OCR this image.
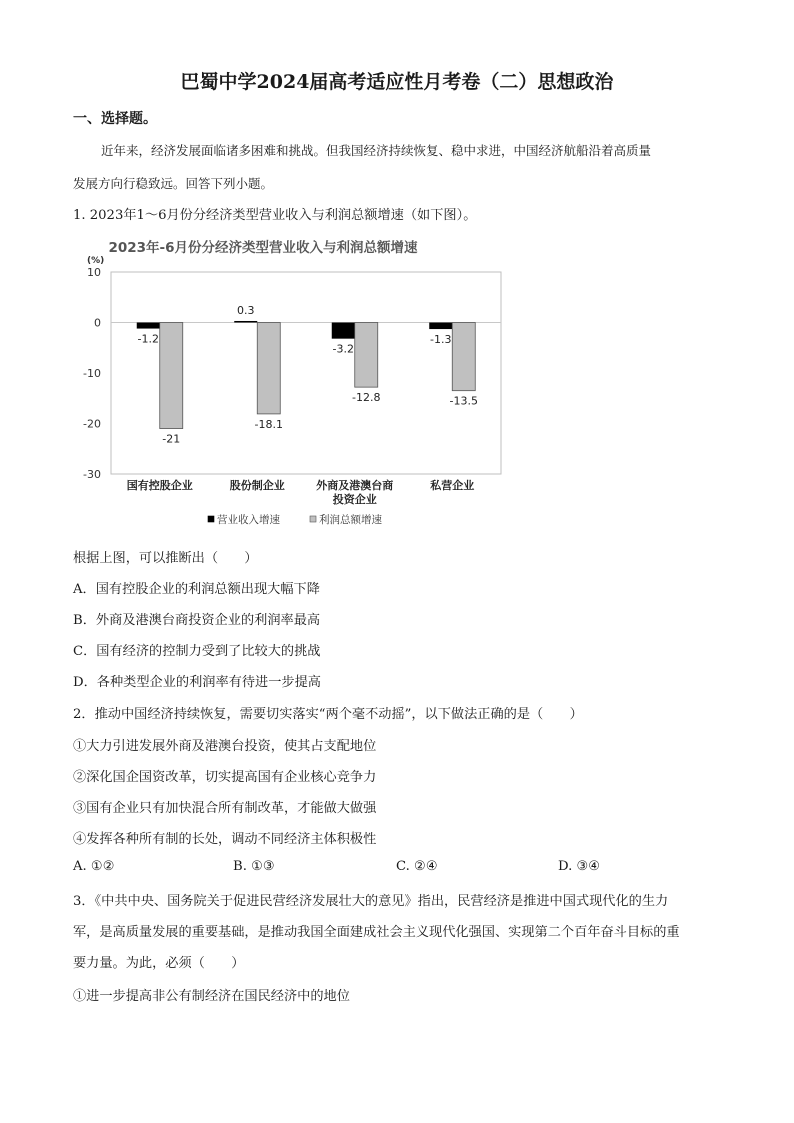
巴蜀中学2024届高考适应性月考卷（二）思想政治
一、选择题。
近年来，经济发展面临诸多困难和挑战。但我国经济持续恢复、稳中求进，中国经济航船沿着高质量
发展方向行稳致远。回答下列小题。
1. 2023年1～6月份分经济类型营业收入与利润总额增速（如下图）。
2023年-6月份分经济类型营业收入与利润总额增速
(%)
10
0
-10
-20
-30
-1.2
-21
0.3
-18.1
-3.2
-12.8
-1.3
-13.5
国有控股企业	股份制企业	外商及港澳台商
投资企业
私营企业
营业收入增速	利润总额增速
根据上图，可以推断出（　　）
A．国有控股企业的利润总额出现大幅下降
B．外商及港澳台商投资企业的利润率最高
C．国有经济的控制力受到了比较大的挑战
D．各种类型企业的利润率有待进一步提高
2．推动中国经济持续恢复，需要切实落实“两个毫不动摇”，以下做法正确的是（　　）
①大力引进发展外商及港澳台投资，使其占支配地位
②深化国企国资改革，切实提高国有企业核心竞争力
③国有企业只有加快混合所有制改革，才能做大做强
④发挥各种所有制的长处，调动不同经济主体积极性
A. ①②	B. ①③	C. ②④	D. ③④
3．《中共中央、国务院关于促进民营经济发展壮大的意见》指出，民营经济是推进中国式现代化的生力
军，是高质量发展的重要基础，是推动我国全面建成社会主义现代化强国、实现第二个百年奋斗目标的重
要力量。为此，必须（　　）
①进一步提高非公有制经济在国民经济中的地位
